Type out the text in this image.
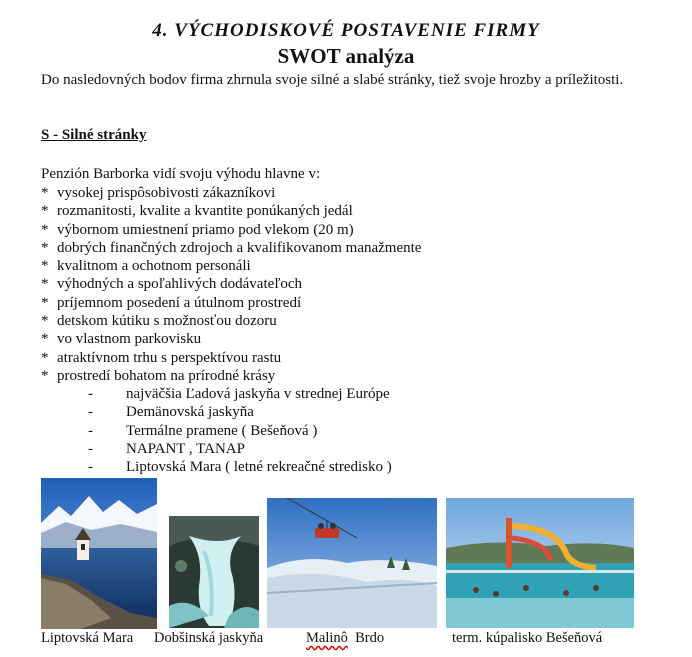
4. VÝCHODISKOVÉ POSTAVENIE FIRMY
SWOT analýza
Do nasledovných bodov firma zhrnula svoje silné a slabé stránky, tiež svoje hrozby a príležitosti.
S - Silné stránky
Penzión Barborka vidí svoju výhodu hlavne v:
* vysokej prispôsobivosti zákazníkovi
* rozmanitosti, kvalite a kvantite ponúkaných jedál
* výbornom umiestnení priamo pod vlekom (20 m)
* dobrých finančných zdrojoch a kvalifikovanom manažmente
* kvalitnom a ochotnom personáli
* výhodných a spoľahlivých dodávateľoch
* príjemnom posedení a útulnom prostredí
* detskom kútiku s možnosťou dozoru
* vo vlastnom parkovisku
* atraktívnom trhu s perspektívou rastu
* prostredí bohatom na prírodné krásy
- najväčšia Ľadová jaskyňa v strednej Európe
- Demänovská jaskyňa
- Termálne pramene ( Bešeňová )
- NAPANT , TANAP
- Liptovská Mara ( letné rekreačné stredisko )
Liptovská Mara Dobšinská jaskyňa	Malinô Brdo	term. kúpalisko Bešeňová
